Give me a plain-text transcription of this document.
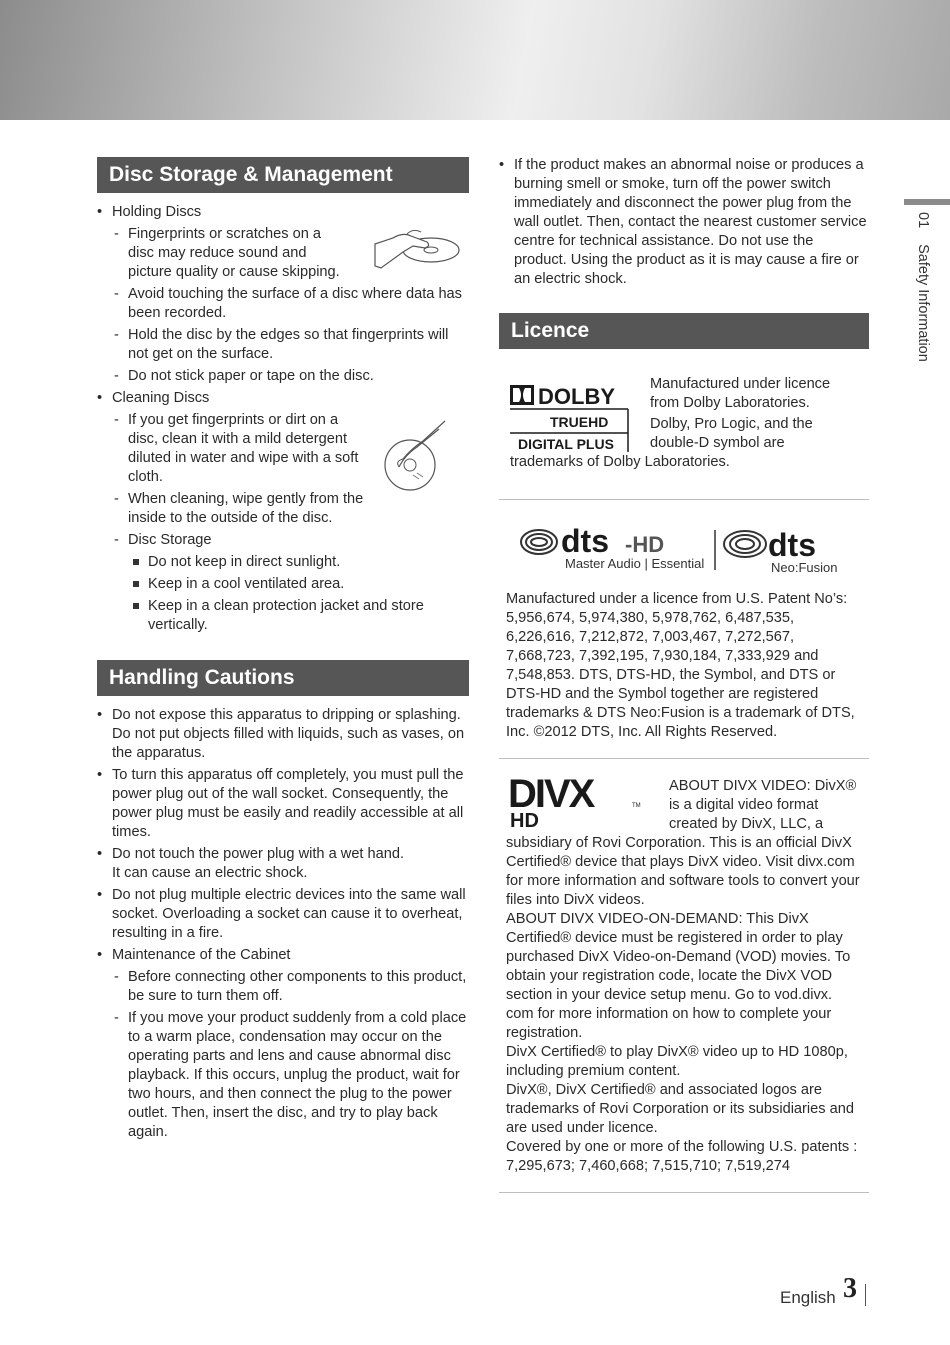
Disc Storage & Management
• Holding Discs
- Fingerprints or scratches on a disc may reduce sound and picture quality or cause skipping.
- Avoid touching the surface of a disc where data has been recorded.
- Hold the disc by the edges so that fingerprints will not get on the surface.
- Do not stick paper or tape on the disc.
• Cleaning Discs
- If you get fingerprints or dirt on a disc, clean it with a mild detergent diluted in water and wipe with a soft cloth.
- When cleaning, wipe gently from the inside to the outside of the disc.
- Disc Storage
Do not keep in direct sunlight.
Keep in a cool ventilated area.
Keep in a clean protection jacket and store vertically.
Handling Cautions
• Do not expose this apparatus to dripping or splashing. Do not put objects filled with liquids, such as vases, on the apparatus.
• To turn this apparatus off completely, you must pull the power plug out of the wall socket. Consequently, the power plug must be easily and readily accessible at all times.
• Do not touch the power plug with a wet hand.
It can cause an electric shock.
• Do not plug multiple electric devices into the same wall socket. Overloading a socket can cause it to overheat, resulting in a fire.
• Maintenance of the Cabinet
- Before connecting other components to this product, be sure to turn them off.
- If you move your product suddenly from a cold place to a warm place, condensation may occur on the operating parts and lens and cause abnormal disc playback. If this occurs, unplug the product, wait for two hours, and then connect the plug to the power outlet. Then, insert the disc, and try to play back again.
• If the product makes an abnormal noise or produces a burning smell or smoke, turn off the power switch immediately and disconnect the power plug from the wall outlet. Then, contact the nearest customer service centre for technical assistance. Do not use the product. Using the product as it is may cause a fire or an electric shock.
Licence
DOLBY
TRUEHD
DIGITAL PLUS
Manufactured under licence from Dolby Laboratories.
Dolby, Pro Logic, and the double-D symbol are
trademarks of Dolby Laboratories.
dts -HD
Master Audio | Essential
dts
Neo:Fusion
Manufactured under a licence from U.S. Patent No’s: 5,956,674, 5,974,380, 5,978,762, 6,487,535, 6,226,616, 7,212,872, 7,003,467, 7,272,567, 7,668,723, 7,392,195, 7,930,184, 7,333,929 and 7,548,853. DTS, DTS-HD, the Symbol, and DTS or DTS-HD and the Symbol together are registered trademarks & DTS Neo:Fusion is a trademark of DTS, Inc. ©2012 DTS, Inc. All Rights Reserved.
DIVX
HD
TM
ABOUT DIVX VIDEO: DivX® is a digital video format created by DivX, LLC, a subsidiary of Rovi Corporation. This is an official DivX Certified® device that plays DivX video. Visit divx.com for more information and software tools to convert your files into DivX videos.
ABOUT DIVX VIDEO-ON-DEMAND: This DivX Certified® device must be registered in order to play purchased DivX Video-on-Demand (VOD) movies. To obtain your registration code, locate the DivX VOD section in your device setup menu. Go to vod.divx. com for more information on how to complete your registration.
DivX Certified® to play DivX® video up to HD 1080p, including premium content.
DivX®, DivX Certified® and associated logos are trademarks of Rovi Corporation or its subsidiaries and are used under licence.
Covered by one or more of the following U.S. patents : 7,295,673; 7,460,668; 7,515,710; 7,519,274
01Safety Information
English 3
